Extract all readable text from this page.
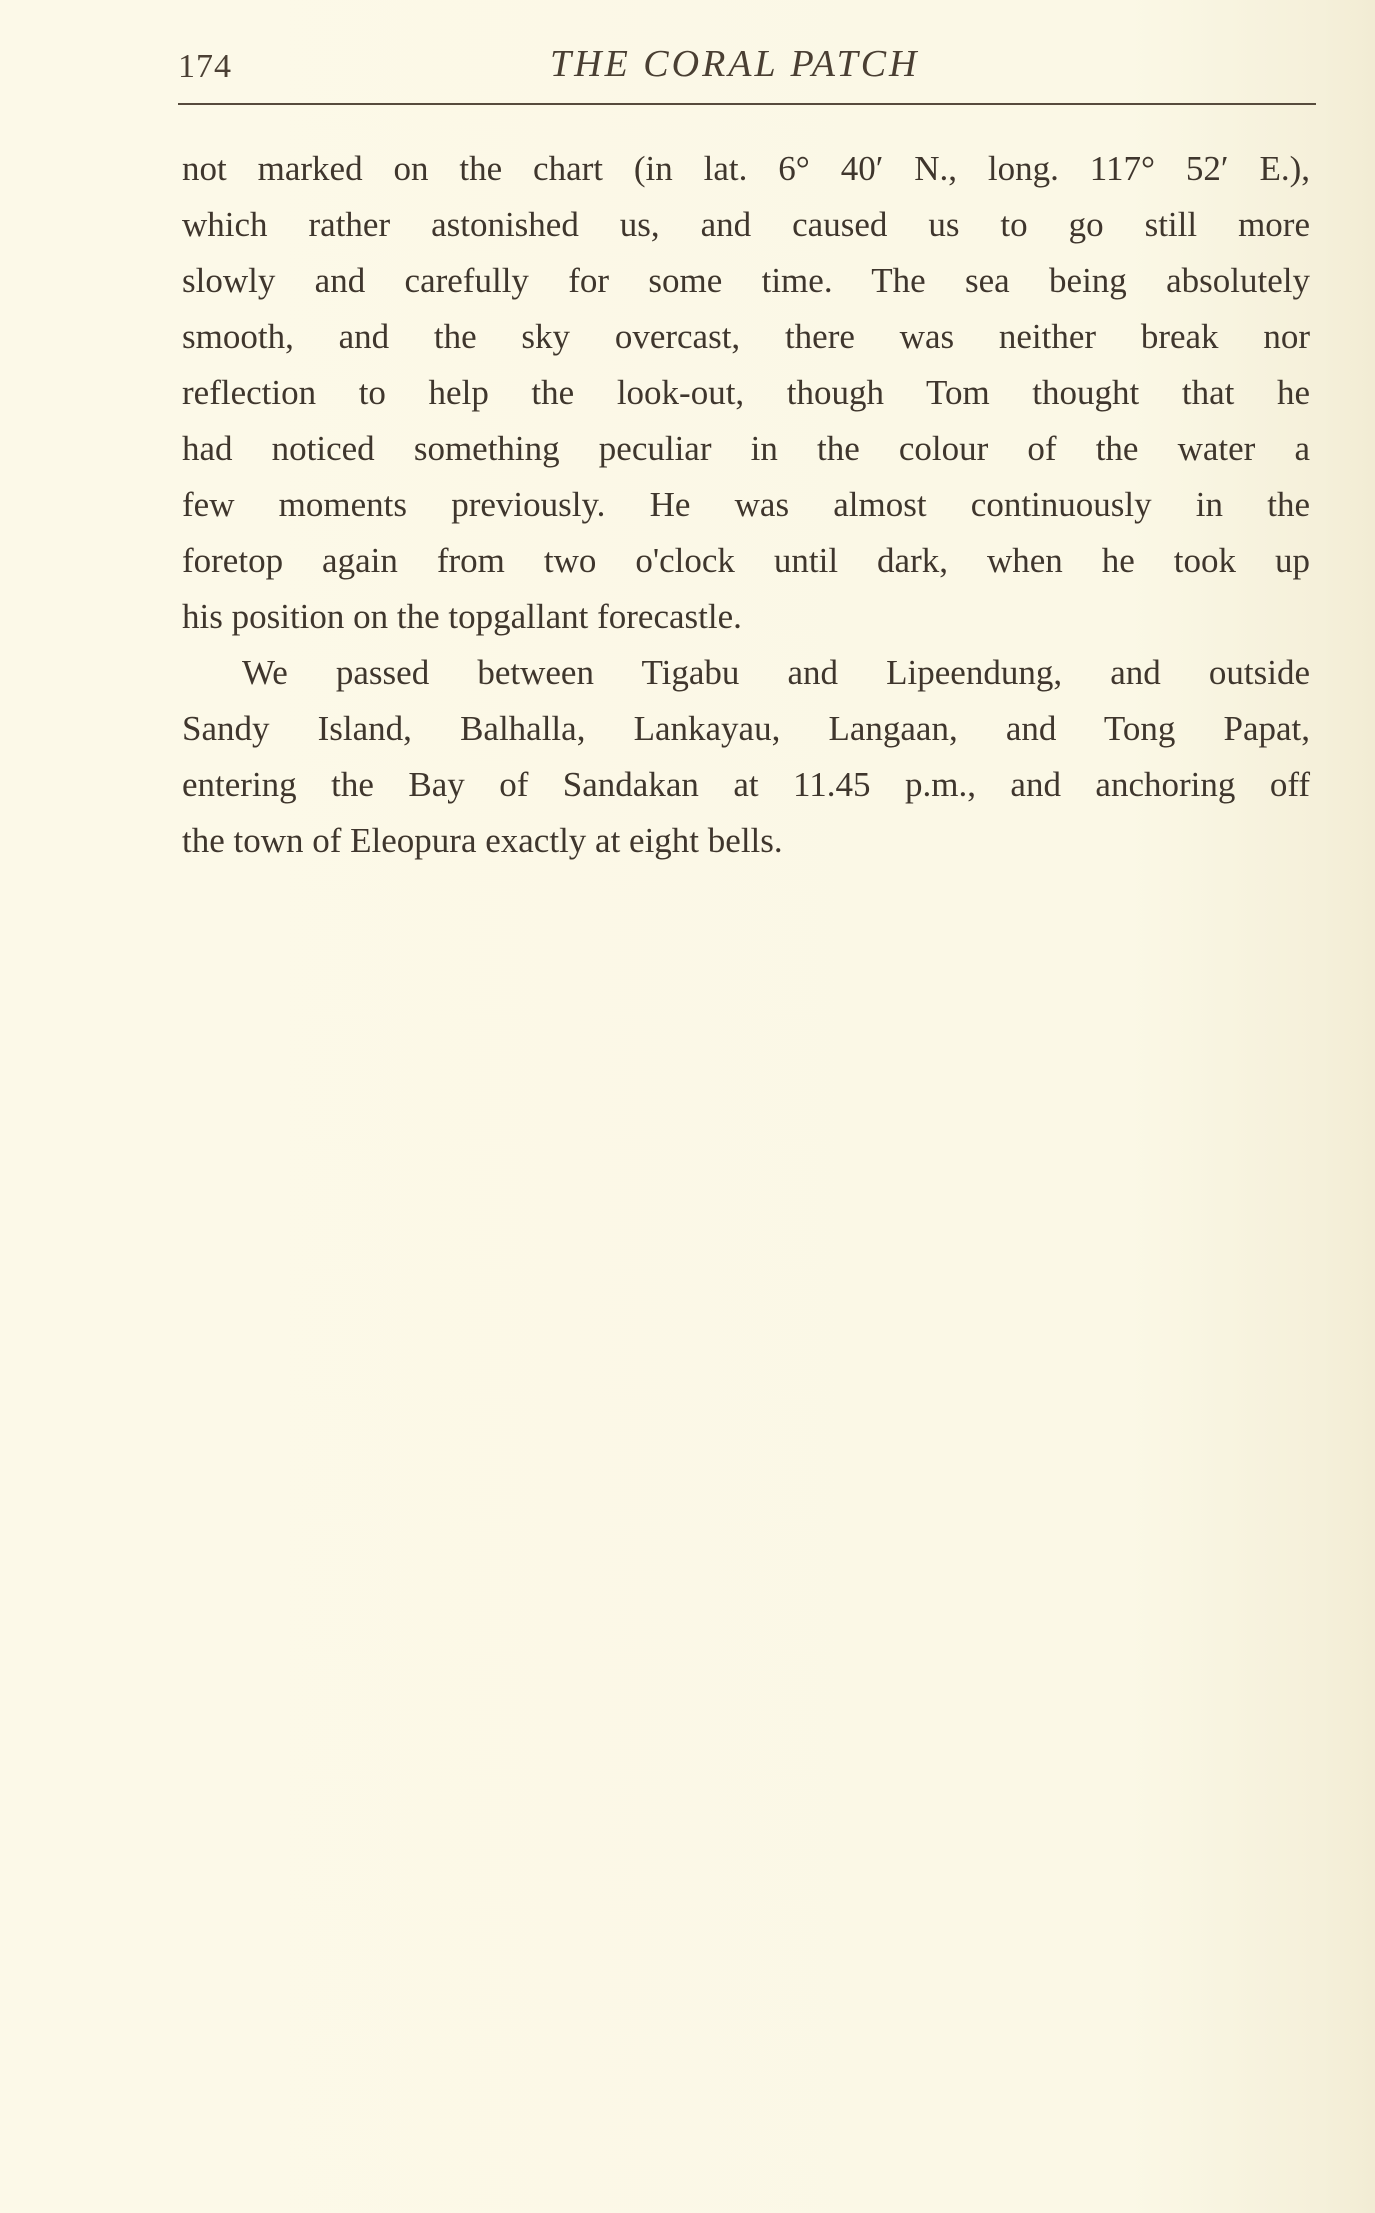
174	THE CORAL PATCH
not marked on the chart (in lat. 6° 40′ N., long. 117° 52′ E.),
which rather astonished us, and caused us to go still more
slowly and carefully for some time. The sea being absolutely
smooth, and the sky overcast, there was neither break nor
reflection to help the look-out, though Tom thought that he
had noticed something peculiar in the colour of the water a
few moments previously. He was almost continuously in the
foretop again from two o'clock until dark, when he took up
his position on the topgallant forecastle.
We passed between Tigabu and Lipeendung, and outside
Sandy Island, Balhalla, Lankayau, Langaan, and Tong Papat,
entering the Bay of Sandakan at 11.45 p.m., and anchoring off
the town of Eleopura exactly at eight bells.
